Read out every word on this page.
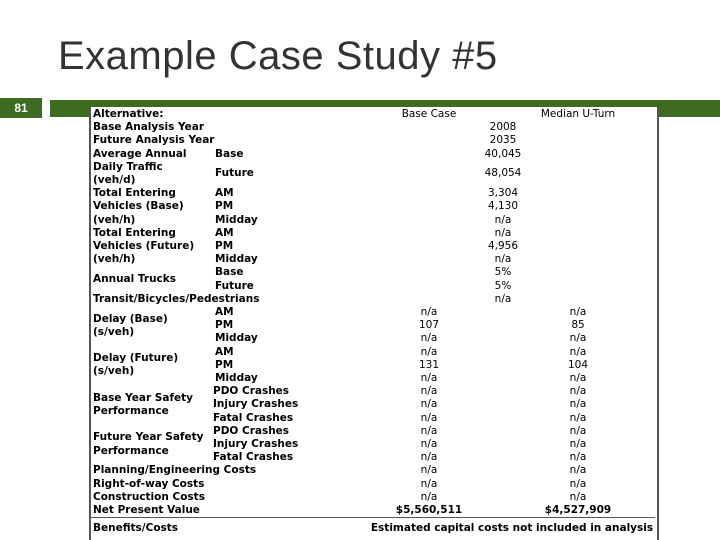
Example Case Study #5
81	Base Case	Median U-Turn
Alternative:
Base Analysis Year
Future Analysis Year
Average Annual
Daily Traffic
(veh/d)
Total Entering
Vehicles (Base)
(veh/h)
Total Entering
Vehicles (Future)
(veh/h)
Annual Trucks
Transit/Bicycles/Pedestrians
Delay (Base)
(s/veh)
Delay (Future)
(s/veh)
Base Year Safety
Performance
Future Year Safety
Performance
Planning/Engineering Costs
Right-of-way Costs
Construction Costs
Net Present Value
Benefits/Costs
Base
Future
AM
PM
Midday
AM
PM
Midday
Base
Future
AM
PM
Midday
AM
PM
Midday
PDO Crashes
Injury Crashes
Fatal Crashes
PDO Crashes
Injury Crashes
Fatal Crashes
2008
2035
40,045
48,054
3,304
4,130
n/a
n/a
4,956
n/a
5%
5%
n/a
n/a
107
n/a
n/a
131
n/a
n/a
n/a
n/a
n/a
n/a
n/a
n/a
n/a
n/a
$5,560,511
n/a
85
n/a
n/a
104
n/a
n/a
n/a
n/a
n/a
n/a
n/a
n/a
n/a
n/a
$4,527,909
Estimated capital costs not included in analysis
